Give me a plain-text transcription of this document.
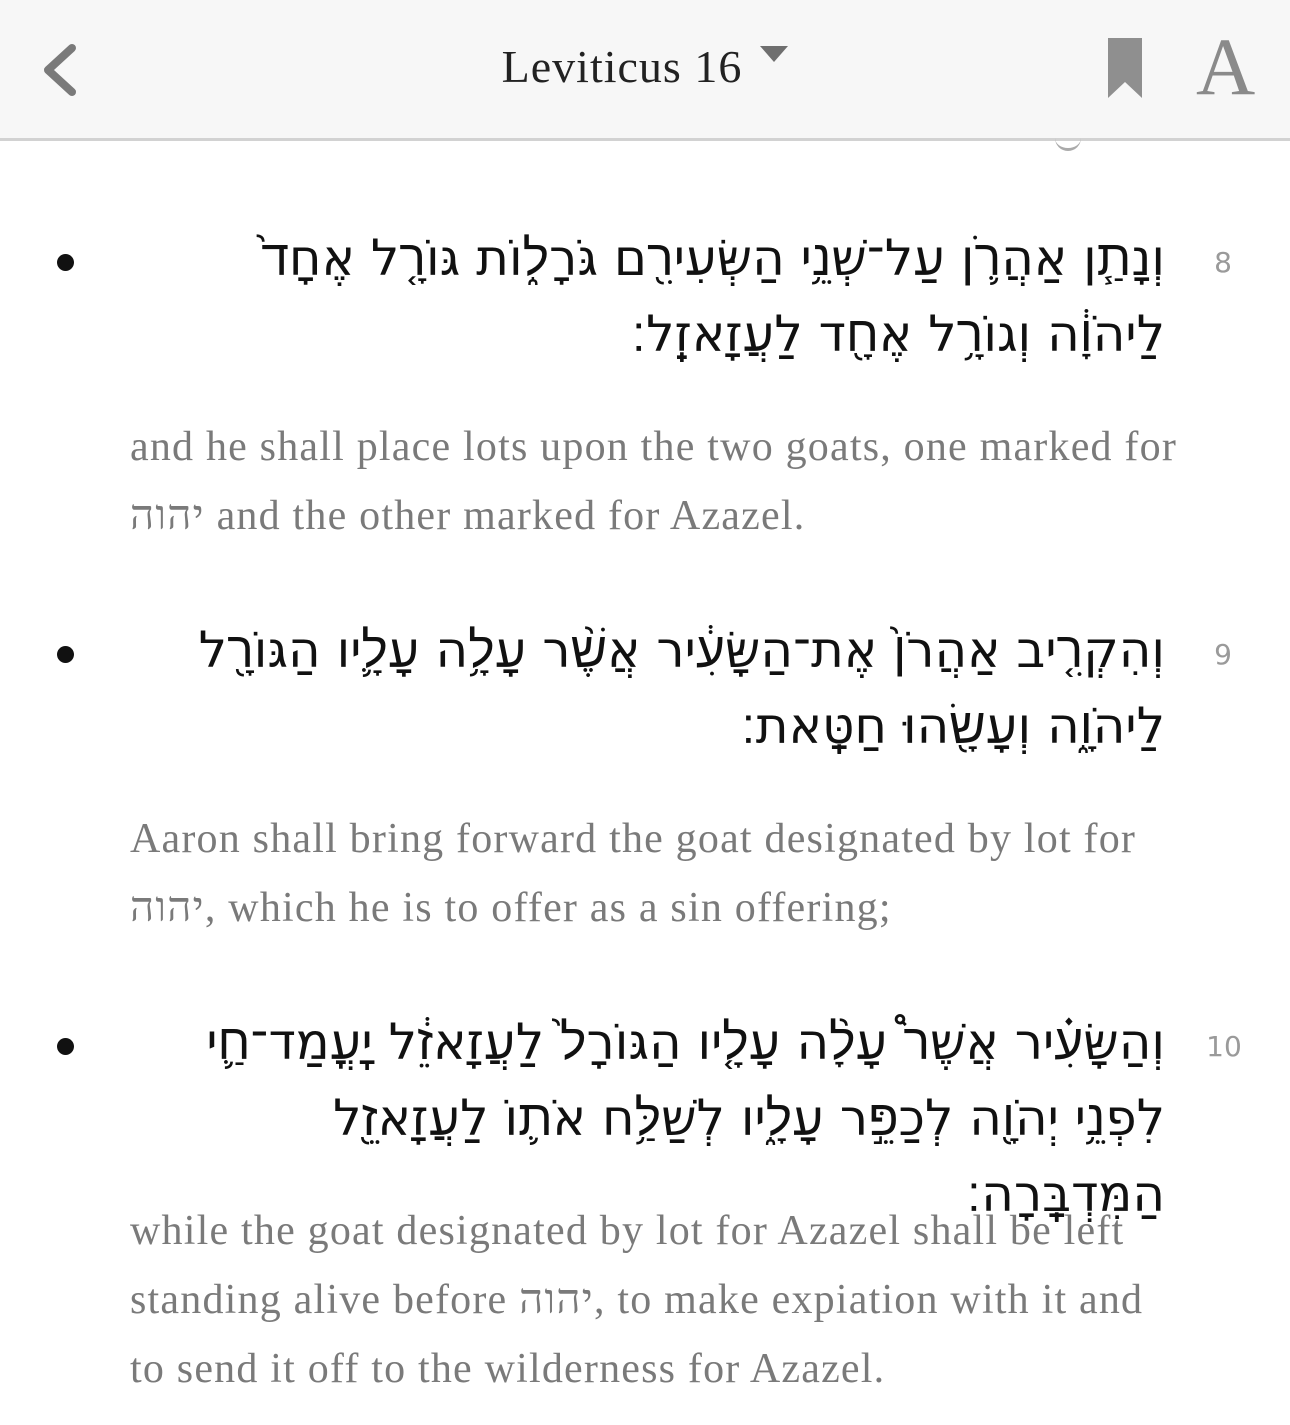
Leviticus 16	A
8
וְנָתַ֧ן אַהֲרֹ֛ן עַל־שְׁנֵ֥י הַשְּׂעִירִ֖ם גֹּרָל֑וֹת גּוֹרָ֤ל אֶחָד֙ לַיהֹוָ֔ה וְגוֹרָ֥ל אֶחָ֖ד לַעֲזָאזֵֽל׃
and he shall place lots upon the two goats, one marked for יהוה and the other marked for Azazel.
9
וְהִקְרִ֤יב אַהֲרֹן֙ אֶת־הַשָּׂעִ֔יר אֲשֶׁ֨ר עָלָ֥ה עָלָ֛יו הַגּוֹרָ֖ל לַיהֹוָ֑ה וְעָשָׂ֖הוּ חַטָּֽאת׃
Aaron shall bring forward the goat designated by lot for יהוה, which he is to offer as a sin offering;
10
וְהַשָּׂעִ֗יר אֲשֶׁר֩ עָלָ֨ה עָלָ֤יו הַגּוֹרָל֙ לַעֲזָאזֵ֔ל יׇעֳמַד־חַ֛י לִפְנֵ֥י יְהֹוָ֖ה לְכַפֵּ֣ר עָלָ֑יו לְשַׁלַּ֥ח אֹת֛וֹ לַעֲזָאזֵ֖ל הַמִּדְבָּֽרָה׃
while the goat designated by lot for Azazel shall be left standing alive before יהוה, to make expiation with it and to send it off to the wilderness for Azazel.
